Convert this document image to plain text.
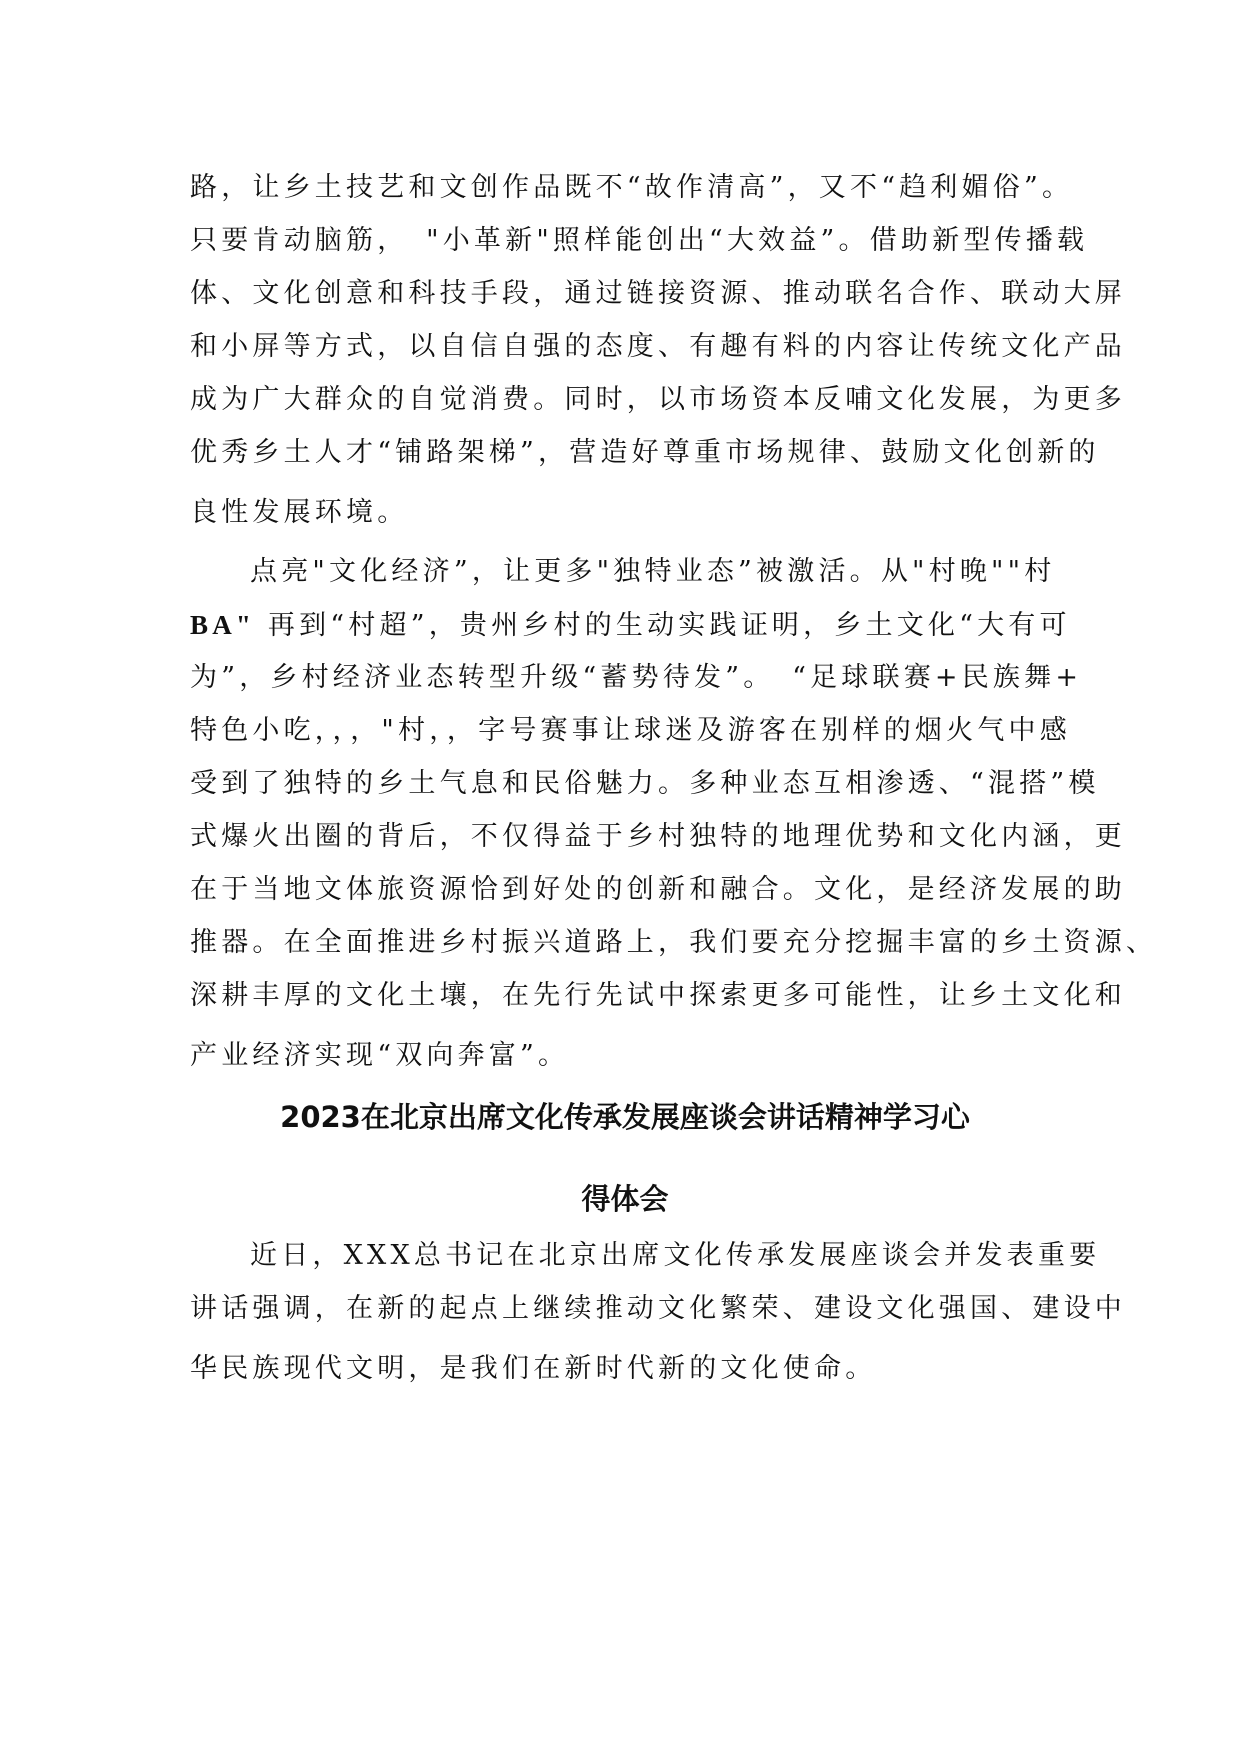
路，让乡土技艺和文创作品既不“故作清高”，又不“趋利媚俗”。
只要肯动脑筋，　"小革新"照样能创出“大效益”。借助新型传播载
体、文化创意和科技手段，通过链接资源、推动联名合作、联动大屏
和小屏等方式，以自信自强的态度、有趣有料的内容让传统文化产品
成为广大群众的自觉消费。同时，以市场资本反哺文化发展，为更多
优秀乡土人才“铺路架梯”，营造好尊重市场规律、鼓励文化创新的
良性发展环境。
点亮"文化经济”，让更多"独特业态”被激活。从"村晚""村
BA" 再到“村超”，贵州乡村的生动实践证明，乡土文化“大有可
为”，乡村经济业态转型升级“蓄势待发”。　“足球联赛+民族舞+
特色小吃，，，"村，，字号赛事让球迷及游客在别样的烟火气中感
受到了独特的乡土气息和民俗魅力。多种业态互相渗透、“混搭”模
式爆火出圈的背后，不仅得益于乡村独特的地理优势和文化内涵，更
在于当地文体旅资源恰到好处的创新和融合。文化，是经济发展的助
推器。在全面推进乡村振兴道路上，我们要充分挖掘丰富的乡土资源、
深耕丰厚的文化土壤，在先行先试中探索更多可能性，让乡土文化和
产业经济实现“双向奔富”。
2023在北京出席文化传承发展座谈会讲话精神学习心
得体会
近日，XXX总书记在北京出席文化传承发展座谈会并发表重要
讲话强调，在新的起点上继续推动文化繁荣、建设文化强国、建设中
华民族现代文明，是我们在新时代新的文化使命。
